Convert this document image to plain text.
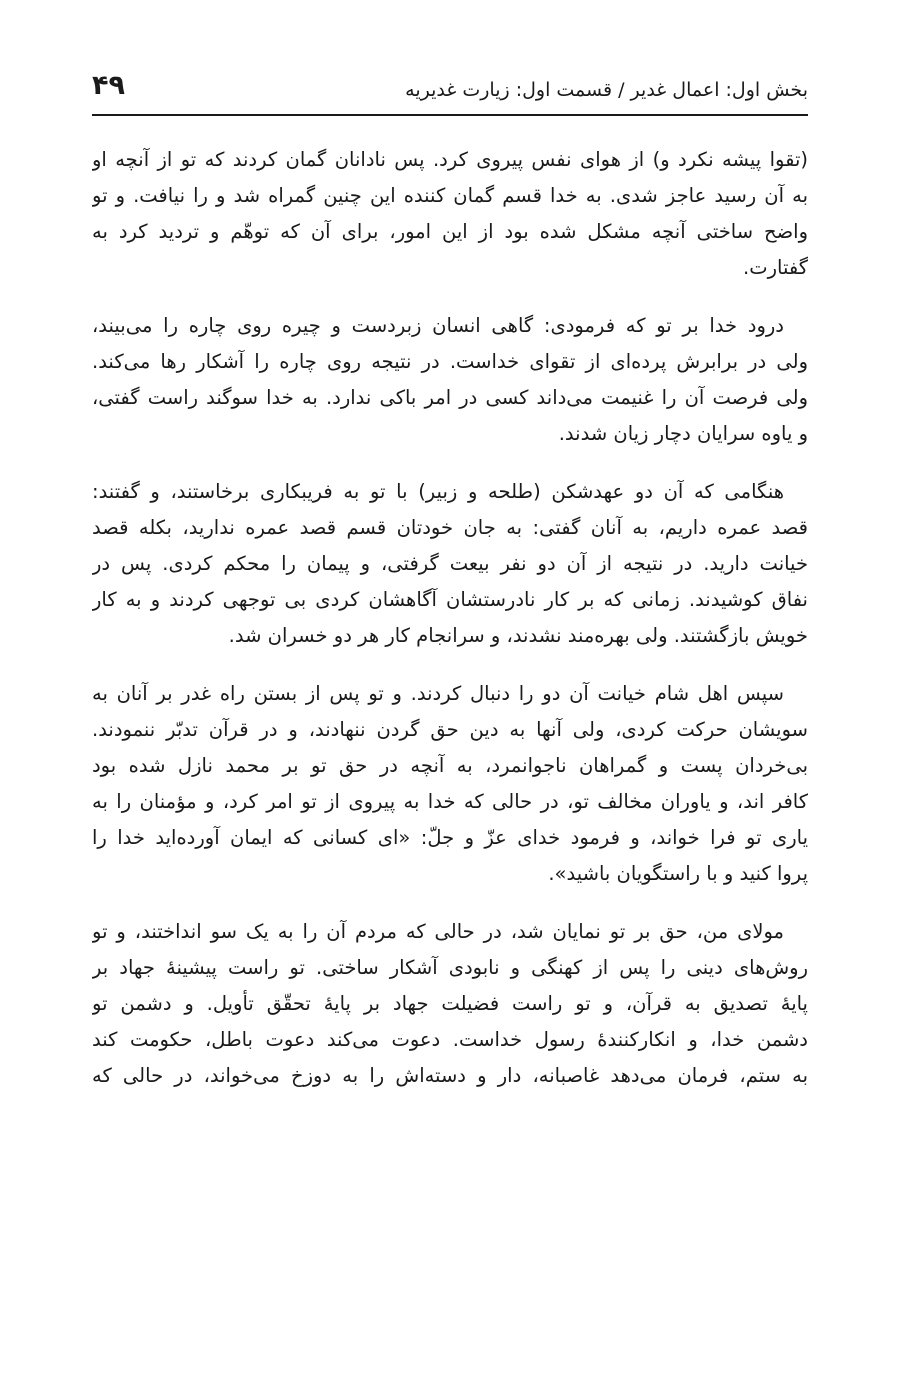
بخش اول: اعمال غدیر / قسمت اول: زیارت غدیریه
۴۹
(تقوا پیشه نکرد و) از هوای نفس پیروی کرد. پس نادانان گمان کردند که تو از آنچه او
به آن رسید عاجز شدی. به خدا قسم گمان کننده این چنین گمراه شد و را نیافت. و تو
واضح ساختی آنچه مشکل شده بود از این امور، برای آن که توهّم و تردید کرد به
گفتارت.
درود خدا بر تو که فرمودی: گاهی انسان زبردست و چیره روی چاره را می‌بیند،
ولی در برابرش پرده‌ای از تقوای خداست. در نتیجه روی چاره را آشکار رها می‌کند.
ولی فرصت آن را غنیمت می‌داند کسی در امر باکی ندارد. به خدا سوگند راست گفتی،
و یاوه سرایان دچار زیان شدند.
هنگامی که آن دو عهدشکن (طلحه و زبیر) با تو به فریبکاری برخاستند، و گفتند:
قصد عمره داریم، به آنان گفتی: به جان خودتان قسم قصد عمره ندارید، بکله قصد
خیانت دارید. در نتیجه از آن دو نفر بیعت گرفتی، و پیمان را محکم کردی. پس در
نفاق کوشیدند. زمانی که بر کار نادرستشان آگاهشان کردی بی توجهی کردند و به کار
خویش بازگشتند. ولی بهره‌مند نشدند، و سرانجام کار هر دو خسران شد.
سپس اهل شام خیانت آن دو را دنبال کردند. و تو پس از بستن راه غدر بر آنان به
سویشان حرکت کردی، ولی آنها به دین حق گردن ننهادند، و در قرآن تدبّر ننمودند.
بی‌خردان پست و گمراهان ناجوانمرد، به آنچه در حق تو بر محمد نازل شده بود
کافر اند، و یاوران مخالف تو، در حالی که خدا به پیروی از تو امر کرد، و مؤمنان را به
یاری تو فرا خواند، و فرمود خدای عزّ و جلّ: «ای کسانی که ایمان آورده‌اید خدا را
پروا کنید و با راستگویان باشید».
مولای من، حق بر تو نمایان شد، در حالی که مردم آن را به یک سو انداختند، و تو
روش‌های دینی را پس از کهنگی و نابودی آشکار ساختی. تو راست پیشینهٔ جهاد بر
پایهٔ تصدیق به قرآن، و تو راست فضیلت جهاد بر پایهٔ تحقّق تأویل. و دشمن تو
دشمن خدا، و انکارکنندهٔ رسول خداست. دعوت می‌کند دعوت باطل، حکومت کند
به ستم، فرمان می‌دهد غاصبانه، دار و دسته‌اش را به دوزخ می‌خواند، در حالی که
